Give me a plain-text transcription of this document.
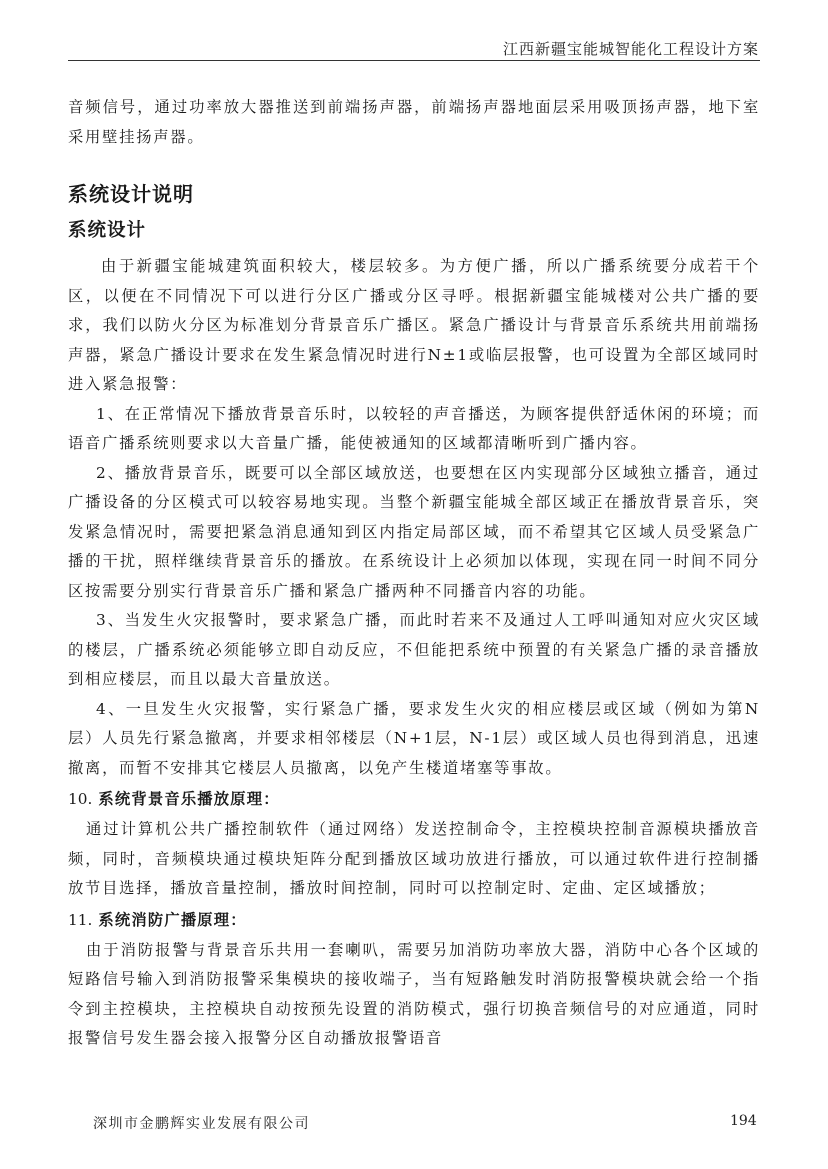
江西新疆宝能城智能化工程设计方案

音频信号，通过功率放大器推送到前端扬声器，前端扬声器地面层采用吸顶扬声器，地下室采用壁挂扬声器。

系统设计说明
系统设计

由于新疆宝能城建筑面积较大，楼层较多。为方便广播，所以广播系统要分成若干个区，以便在不同情况下可以进行分区广播或分区寻呼。根据新疆宝能城楼对公共广播的要求，我们以防火分区为标准划分背景音乐广播区。紧急广播设计与背景音乐系统共用前端扬声器，紧急广播设计要求在发生紧急情况时进行N±1或临层报警，也可设置为全部区域同时进入紧急报警：

1、在正常情况下播放背景音乐时，以较轻的声音播送，为顾客提供舒适休闲的环境；而语音广播系统则要求以大音量广播，能使被通知的区域都清晰听到广播内容。

2、播放背景音乐，既要可以全部区域放送，也要想在区内实现部分区域独立播音，通过广播设备的分区模式可以较容易地实现。当整个新疆宝能城全部区域正在播放背景音乐，突发紧急情况时，需要把紧急消息通知到区内指定局部区域，而不希望其它区域人员受紧急广播的干扰，照样继续背景音乐的播放。在系统设计上必须加以体现，实现在同一时间不同分区按需要分别实行背景音乐广播和紧急广播两种不同播音内容的功能。

3、当发生火灾报警时，要求紧急广播，而此时若来不及通过人工呼叫通知对应火灾区域的楼层，广播系统必须能够立即自动反应，不但能把系统中预置的有关紧急广播的录音播放到相应楼层，而且以最大音量放送。

4、一旦发生火灾报警，实行紧急广播，要求发生火灾的相应楼层或区域（例如为第N层）人员先行紧急撤离，并要求相邻楼层（N+1层，N-1层）或区域人员也得到消息，迅速撤离，而暂不安排其它楼层人员撤离，以免产生楼道堵塞等事故。

10. 系统背景音乐播放原理：

通过计算机公共广播控制软件（通过网络）发送控制命令，主控模块控制音源模块播放音频，同时，音频模块通过模块矩阵分配到播放区域功放进行播放，可以通过软件进行控制播放节目选择，播放音量控制，播放时间控制，同时可以控制定时、定曲、定区域播放；

11. 系统消防广播原理：

由于消防报警与背景音乐共用一套喇叭，需要另加消防功率放大器，消防中心各个区域的短路信号输入到消防报警采集模块的接收端子，当有短路触发时消防报警模块就会给一个指令到主控模块，主控模块自动按预先设置的消防模式，强行切换音频信号的对应通道，同时报警信号发生器会接入报警分区自动播放报警语音

深圳市金鹏辉实业发展有限公司	194
